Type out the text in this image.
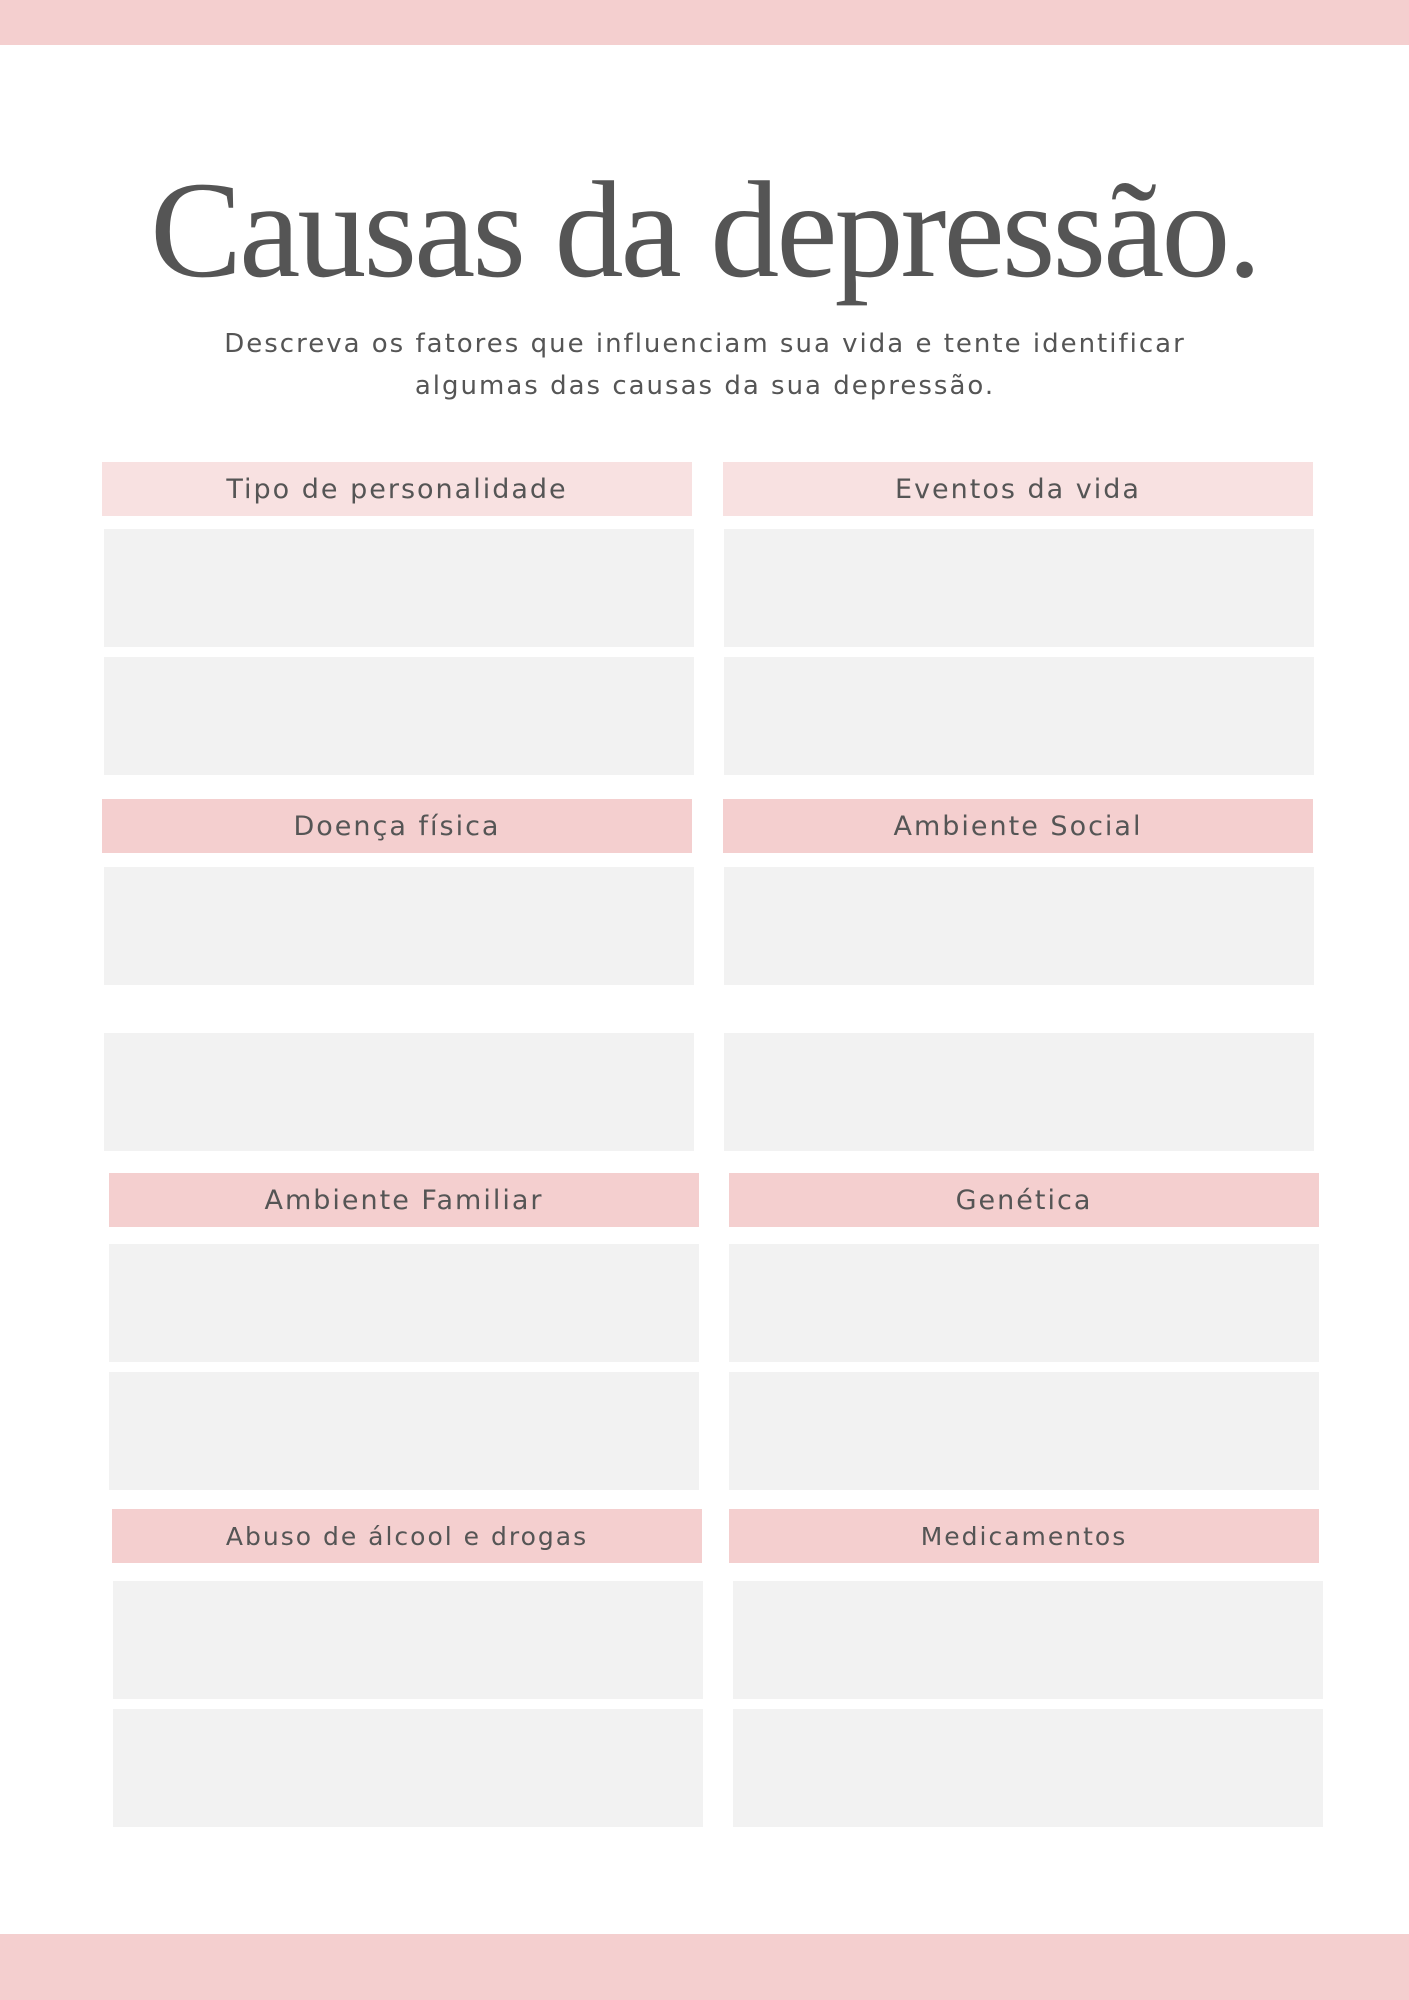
Causas da depressão.
Descreva os fatores que influenciam sua vida e tente identificar
algumas das causas da sua depressão.
Tipo de personalidade	Eventos da vida
Doença física	Ambiente Social
Ambiente Familiar	Genética
Abuso de álcool e drogas	Medicamentos
